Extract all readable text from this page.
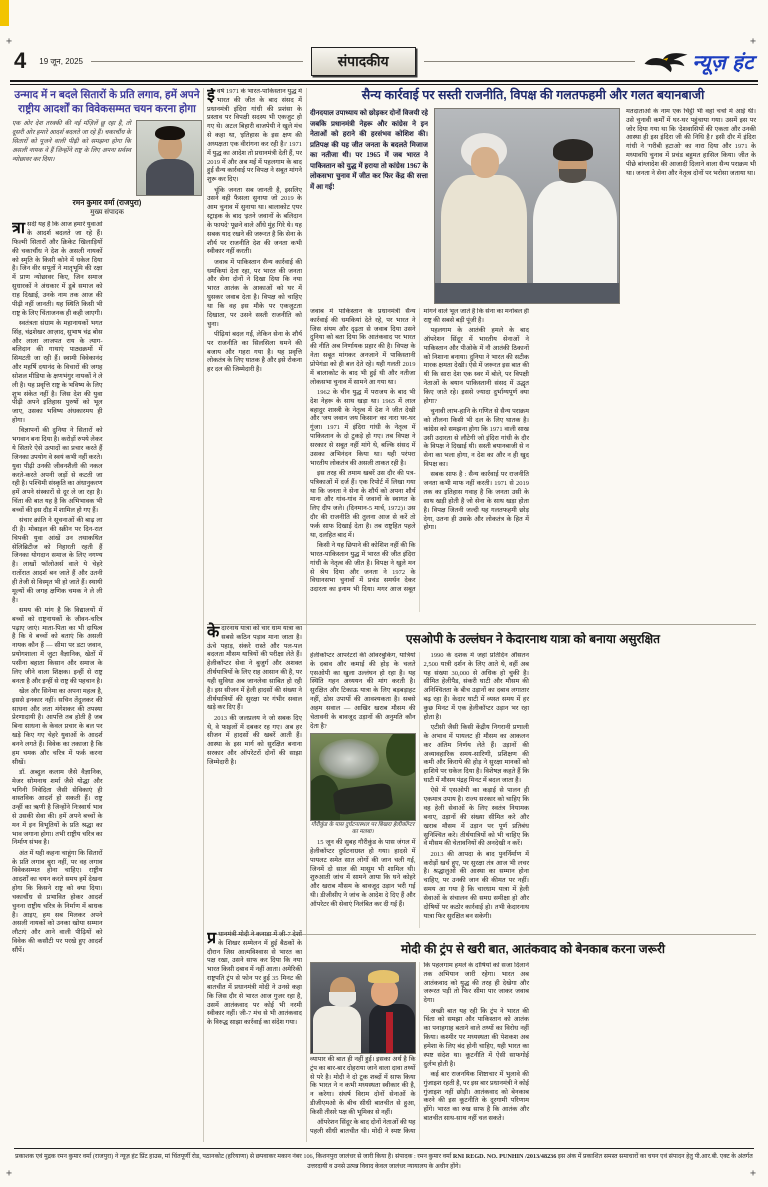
+	+
+	+
4 19 जून, 2025	संपादकीय	न्यूज़ हंट
उन्माद में न बदले सितारों के प्रति लगाव, हमें अपने राष्ट्रीय आदर्शों का विवेकसम्मत चयन करना होगा

एक ओर देश तरक्की की नई मंज़िलें छू रहा है, तो दूसरी ओर हमारे आदर्श बदलते जा रहे हैं। चकाचौंध के सितारों को पूजने वाली पीढ़ी को समझना होगा कि असली नायक वे हैं जिन्होंने राष्ट्र के लिए अपना सर्वस्व न्योछावर कर दिया।

रमन कुमार वर्मा (राजपुरा)
मुख्य संपादक

त्रा सदी यह है कि आज हमारे युवाओं के आदर्श बदलते जा रहे हैं। फिल्मी सितारों और क्रिकेट खिलाड़ियों की चकाचौंध ने देश के असली नायकों को स्मृति के किसी कोने में धकेल दिया है। जिन वीर सपूतों ने मातृभूमि की रक्षा में प्राण न्योछावर किए, जिन समाज सुधारकों ने अंधकार में डूबे समाज को राह दिखाई, उनके नाम तक आज की पीढ़ी नहीं जानती। यह स्थिति किसी भी राष्ट्र के लिए चिंताजनक ही कही जाएगी।

स्वतंत्रता संग्राम के महानायकों भगत सिंह, चंद्रशेखर आज़ाद, सुभाष चंद्र बोस और लाला लाजपत राय के त्याग-बलिदान की गाथाएं पाठ्यक्रमों में सिमटती जा रही हैं। स्वामी विवेकानंद और महर्षि दयानंद के विचारों की जगह सोशल मीडिया के क्षणभंगुर नायकों ने ले ली है। यह प्रवृत्ति राष्ट्र के भविष्य के लिए शुभ संकेत नहीं है। जिस देश की युवा पीढ़ी अपने इतिहास पुरुषों को भूल जाए, उसका भविष्य अंधकारमय ही होगा।

विज्ञापनों की दुनिया ने सितारों को भगवान बना दिया है। करोड़ों रुपये लेकर ये सितारे ऐसे उत्पादों का प्रचार करते हैं जिनका उपयोग वे स्वयं कभी नहीं करते। युवा पीढ़ी उनकी जीवनशैली की नकल करते-करते अपनी जड़ों से कटती जा रही है। पश्चिमी संस्कृति का अंधानुकरण हमें अपने संस्कारों से दूर ले जा रहा है। चिंता की बात यह है कि अभिभावक भी बच्चों की इस दौड़ में शामिल हो गए हैं।

संचार क्रांति ने सूचनाओं की बाढ़ ला दी है। मोबाइल की स्क्रीन पर दिन-रात चिपकी युवा आंखें उन तथाकथित सेलिब्रिटीज को निहारती रहती हैं जिनका योगदान समाज के लिए नगण्य है। लाखों फॉलोअर्स वाले ये चेहरे रातोंरात आदर्श बन जाते हैं और उतनी ही तेजी से विस्मृत भी हो जाते हैं। स्थायी मूल्यों की जगह क्षणिक चमक ने ले ली है।

समय की मांग है कि विद्यालयों में बच्चों को राष्ट्रनायकों के जीवन-चरित्र पढ़ाए जाएं। माता-पिता का भी दायित्व है कि वे बच्चों को बताएं कि असली नायक कौन हैं — सीमा पर डटा जवान, प्रयोगशाला में जुटा वैज्ञानिक, खेतों में पसीना बहाता किसान और समाज के लिए जीने वाला शिक्षक। इन्हीं से राष्ट्र बनता है और इन्हीं से राष्ट्र की पहचान है।

खेल और सिनेमा का अपना महत्व है, इससे इनकार नहीं। सचिन तेंदुलकर की साधना और लता मंगेशकर की तपस्या प्रेरणादायी है। आपत्ति तब होती है जब बिना साधना के केवल प्रचार के बल पर खड़े किए गए चेहरे युवाओं के आदर्श बनने लगते हैं। विवेक का तकाजा है कि हम चमक और चरित्र में फर्क करना सीखें।

डॉ. अब्दुल कलाम जैसे वैज्ञानिक, मेजर सोमनाथ शर्मा जैसे योद्धा और भगिनी निवेदिता जैसी सेविकाएं ही वास्तविक आदर्श हो सकती हैं। राष्ट्र उन्हीं का ऋणी है जिन्होंने निःस्वार्थ भाव से उसकी सेवा की। हमें अपने बच्चों के मन में इन विभूतियों के प्रति श्रद्धा का भाव जगाना होगा। तभी राष्ट्रीय चरित्र का निर्माण संभव है।

अंत में यही कहना चाहूंगा कि सितारों के प्रति लगाव बुरा नहीं, पर वह लगाव विवेकसम्मत होना चाहिए। राष्ट्रीय आदर्शों का चयन करते समय हमें देखना होगा कि किसने राष्ट्र को क्या दिया। चकाचौंध से प्रभावित होकर आदर्श चुनना राष्ट्रीय चरित्र के निर्माण में बाधक है। आइए, हम सब मिलकर अपने असली नायकों को उनका खोया सम्मान लौटाएं और आने वाली पीढ़ियों को विवेक की कसौटी पर परखे हुए आदर्श सौंपें।

ईवर्ष 1971 के भारत-पाकिस्तान युद्ध में भारत की जीत के बाद संसद में प्रधानमंत्री इंदिरा गांधी की प्रशंसा के प्रस्ताव पर विपक्षी सदस्य भी एकजुट हो गए थे। अटल बिहारी वाजपेयी ने खुले मंच से कहा था, 'इतिहास के इस क्षण की अध्यक्षता एक वीरांगना कर रही है।' 1971 में युद्ध का आदेश तो प्रधानमंत्री देती हैं, पर 2019 में और अब मई में पहलगाम के बाद हुई सैन्य कार्रवाई पर विपक्ष ने सबूत मांगने शुरू कर दिए।

चूंकि जनता सब जानती है, इसलिए उसने वही फैसला सुनाया जो 2019 के आम चुनाव में सुनाया था। बालाकोट एयर स्ट्राइक के बाद 'इतने जवानों के बलिदान के फायदे' पूछने वाले औंधे मुंह गिरे थे। यह सबक याद रखने की जरूरत है कि सेना के शौर्य पर राजनीति देश की जनता कभी स्वीकार नहीं करती।

जवाब में पाकिस्तान सैन्य कार्रवाई की धमकियां देता रहा, पर भारत की जनता और सेना दोनों ने दिखा दिया कि नया भारत आतंक के आकाओं को घर में घुसकर जवाब देता है। विपक्ष को चाहिए था कि वह इस मौके पर एकजुटता दिखाता, पर उसने सस्ती राजनीति को चुना।

पीढ़ियां बदल गईं, लेकिन सेना के शौर्य पर राजनीति का सिलसिला थमने की बजाय और गहरा गया है। यह प्रवृत्ति लोकतंत्र के लिए घातक है और इसे रोकना हर दल की जिम्मेदारी है।

केदारनाथ यात्रा को चार धाम यात्रा का सबसे कठिन पड़ाव माना जाता है। ऊंचे पहाड़, संकरे रास्ते और पल-पल बदलता मौसम यात्रियों की परीक्षा लेते हैं। हेलीकॉप्टर सेवा ने बुजुर्ग और अशक्त तीर्थयात्रियों के लिए राह आसान की है, पर यही सुविधा अब जानलेवा साबित हो रही है। इस सीजन में हेली हादसों की संख्या ने तीर्थयात्रियों की सुरक्षा पर गंभीर सवाल खड़े कर दिए हैं।

2013 की जलप्रलय ने जो सबक दिए थे, वे फाइलों में दबकर रह गए। अब हर सीजन में हादसों की खबरें आती हैं। आस्था के इस मार्ग को सुरक्षित बनाना सरकार और ऑपरेटरों दोनों की साझा जिम्मेदारी है।

प्र धानमंत्री मोदी ने कनाडा में जी-7 देशों के शिखर सम्मेलन में हुई बैठकों के दौरान जिस आत्मविश्वास से भारत का पक्ष रखा, उसने साफ कर दिया कि नया भारत किसी दबाव में नहीं आता। अमेरिकी राष्ट्रपति ट्रंप से फोन पर हुई 35 मिनट की बातचीत में प्रधानमंत्री मोदी ने उनसे कहा कि जिस दौर से भारत आज गुजर रहा है, उसमें आतंकवाद पर कोई भी नरमी स्वीकार नहीं। जी-7 मंच से भी आतंकवाद के विरुद्ध साझा कार्रवाई का संदेश गया।

सैन्य कार्रवाई पर सस्ती राजनीति, विपक्ष की गलतफहमी और गलत बयानबाजी

दीनदयाल उपाध्याय को छोड़कर दोनों विजयी रहे जबकि प्रधानमंत्री नेहरू और कांग्रेस ने इन नेताओं को हराने की हरसंभव कोशिश की। प्रतिपक्ष की यह जीत जनता के बदलते मिजाज का नतीजा थी। पर 1965 में जब भारत ने पाकिस्तान को युद्ध में हराया तो कांग्रेस 1967 के लोकसभा चुनाव में जीत कर फिर केंद्र की सत्ता में आ गई!

मतदाताओं के नाम एक चिट्ठी भी वहां चर्चा में आई थी। उसे चुनावी कर्मों में घर-घर पहुंचाया गया। उसमें इस पर जोर दिया गया था कि 'देशवासियों की एकता और उनकी आस्था ही इस इंदिरा जी की निधि है।' इसी दौर में इंदिरा गांधी ने 'गरीबी हटाओ' का नारा दिया और 1971 के मध्यावधि चुनाव में प्रचंड बहुमत हासिल किया। जीत के पीछे बांग्लादेश की आजादी दिलाने वाला सैन्य पराक्रम भी था। जनता ने सेना और नेतृत्व दोनों पर भरोसा जताया था।

जवाब में पाकिस्तान के प्रधानमंत्री सैन्य कार्रवाई की धमकियां देते रहे, पर भारत ने जिस संयम और दृढ़ता से जवाब दिया उसने दुनिया को बता दिया कि आतंकवाद पर भारत की नीति अब निर्णायक प्रहार की है। विपक्ष के नेता सबूत मांगकर अनजाने में पाकिस्तानी प्रोपेगंडा को ही बल देते रहे। यही गलती 2019 में बालाकोट के बाद भी हुई थी और नतीजा लोकसभा चुनाव में सामने आ गया था।

1962 के चीन युद्ध में पराजय के बाद भी देश नेहरू के साथ खड़ा था। 1965 में लाल बहादुर शास्त्री के नेतृत्व में देश ने जीत देखी और 'जय जवान जय किसान' का नारा घर-घर गूंजा। 1971 में इंदिरा गांधी के नेतृत्व में पाकिस्तान के दो टुकड़े हो गए। तब विपक्ष ने सरकार से सबूत नहीं मांगे थे, बल्कि संसद में उसका अभिनंदन किया था। यही परंपरा भारतीय लोकतंत्र की असली ताकत रही है।

इस तरह की तमाम खबरें उस दौर की पत्र-पत्रिकाओं में दर्ज हैं। एक रिपोर्ट में लिखा गया था कि जनता ने सेना के शौर्य को अपना शौर्य माना और गांव-गांव में जवानों के स्वागत के लिए दीप जले। (दिनमान-5 मार्च, 1972)। उस दौर की राजनीति की तुलना आज से करें तो फर्क साफ दिखाई देता है। तब राष्ट्रहित पहले था, दलहित बाद में।

किसी ने यह छिपाने की कोशिश नहीं की कि भारत-पाकिस्तान युद्ध में भारत की जीत इंदिरा गांधी के नेतृत्व की जीत है। विपक्ष ने खुले मन से श्रेय दिया और जनता ने 1972 के विधानसभा चुनावों में प्रचंड समर्थन देकर उदारता का इनाम भी दिया। मगर आज सबूत मांगने वाले भूल जाते हैं कि सेना का मनोबल ही राष्ट्र की सबसे बड़ी पूंजी है।

पहलगाम के आतंकी हमले के बाद ऑपरेशन सिंदूर में भारतीय सेनाओं ने पाकिस्तान और पीओके में नौ आतंकी ठिकानों को निशाना बनाया। दुनिया ने भारत की सटीक मारक क्षमता देखी। ऐसे में जरूरत इस बात की थी कि सारा देश एक स्वर में बोले, पर विपक्षी नेताओं के बयान पाकिस्तानी संसद में उद्धृत किए जाते रहे। इससे ज्यादा दुर्भाग्यपूर्ण क्या होगा?

चुनावी लाभ-हानि के गणित से सैन्य पराक्रम को तौलना किसी भी दल के लिए घातक है। कांग्रेस को समझना होगा कि 1971 वाली साख उसी उदारता से लौटेगी जो इंदिरा गांधी के दौर के विपक्ष ने दिखाई थी। सस्ती बयानबाजी से न सेना का भला होगा, न देश का और न ही खुद विपक्ष का।

सबक साफ है : सैन्य कार्रवाई पर राजनीति जनता कभी माफ नहीं करती। 1971 से 2019 तक का इतिहास गवाह है कि जनता उसी के साथ खड़ी होती है जो सेना के साथ खड़ा होता है। विपक्ष जितनी जल्दी यह गलतफहमी छोड़ देगा, उतना ही उसके और लोकतंत्र के हित में होगा।

एसओपी के उल्लंघन ने केदारनाथ यात्रा को बनाया असुरक्षित

हेलीकॉप्टर आपरेटरों की ओवरबुकिंग, यात्रियों के दबाव और कमाई की होड़ के चलते एसओपी का खुला उल्लंघन हो रहा है। यह स्थिति गहन अध्ययन की मांग करती है। सुरक्षित और टिकाऊ यात्रा के लिए बड़बड़ाहट नहीं, ठोस उपायों की आवश्यकता है। सबसे अहम सवाल — आखिर खराब मौसम की चेतावनी के बावजूद उड़ानों की अनुमति कौन देता है?

गौरीकुंड के पास दुर्घटनास्थल पर बिखरा हेलीकॉप्टर का मलबा।

15 जून की सुबह गौरीकुंड के पास जंगल में हेलीकॉप्टर दुर्घटनाग्रस्त हो गया। हादसे में पायलट समेत सात लोगों की जान चली गई, जिनमें दो साल की मासूम भी शामिल थी। शुरुआती जांच में सामने आया कि घने कोहरे और खराब मौसम के बावजूद उड़ान भरी गई थी। डीजीसीए ने जांच के आदेश दे दिए हैं और ऑपरेटर की सेवाएं निलंबित कर दी गई हैं।

1990 के दशक में जहां प्रतिदिन औसतन 2,500 यात्री दर्शन के लिए आते थे, वहीं अब यह संख्या 30,000 से अधिक हो चुकी है। सीमित हेलीपैड, संकरी घाटी और मौसम की अनिश्चितता के बीच उड़ानों का दबाव लगातार बढ़ रहा है। केदार घाटी में व्यस्त समय में हर कुछ मिनट में एक हेलीकॉप्टर उड़ान भर रहा होता है।

एटीसी जैसी किसी केंद्रीय निगरानी प्रणाली के अभाव में पायलट ही मौसम का आकलन कर अंतिम निर्णय लेते हैं। उड़ानों की अव्यावहारिक समय-सारिणी, प्रशिक्षण की कमी और किराये की होड़ ने सुरक्षा मानकों को हाशिये पर धकेल दिया है। विशेषज्ञ कहते हैं कि घाटी में मौसम पंद्रह मिनट में बदल जाता है।

ऐसे में एसओपी का कड़ाई से पालन ही एकमात्र उपाय है। राज्य सरकार को चाहिए कि वह हेली सेवाओं के लिए स्वतंत्र नियामक बनाए, उड़ानों की संख्या सीमित करे और खराब मौसम में उड़ान पर पूर्ण प्रतिबंध सुनिश्चित करे। तीर्थयात्रियों को भी चाहिए कि वे मौसम की चेतावनियों की अनदेखी न करें।

2013 की आपदा के बाद पुनर्निर्माण में करोड़ों खर्च हुए, पर सुरक्षा तंत्र आज भी लचर है। श्रद्धालुओं की आस्था का सम्मान होना चाहिए, पर उनकी जान की कीमत पर नहीं। समय आ गया है कि चारधाम यात्रा में हेली सेवाओं के संचालन की समग्र समीक्षा हो और दोषियों पर कठोर कार्रवाई हो। तभी केदारनाथ यात्रा फिर सुरक्षित बन सकेगी।

मोदी की ट्रंप से खरी बात, आतंकवाद को बेनकाब करना जरूरी

व्यापार की बात ही नहीं हुई। इसका अर्थ है कि ट्रंप का बार-बार दोहराया जाने वाला दावा तथ्यों से परे है। मोदी ने दो टूक शब्दों में साफ किया कि भारत ने न कभी मध्यस्थता स्वीकार की है, न करेगा। संघर्ष विराम दोनों सेनाओं के डीजीएमओ के बीच सीधी बातचीत से हुआ, किसी तीसरे पक्ष की भूमिका से नहीं।

ऑपरेशन सिंदूर के बाद दोनों नेताओं की यह पहली सीधी बातचीत थी। मोदी ने स्पष्ट किया कि पहलगाम हमले के दोषियों को सजा दिलाने तक अभियान जारी रहेगा। भारत अब आतंकवाद को युद्ध की तरह ही देखेगा और जरूरत पड़ी तो फिर सीमा पार जाकर जवाब देगा।

अच्छी बात यह रही कि ट्रंप ने भारत की चिंता को समझा और पाकिस्तान को आतंक का पनाहगाह बताने वाले तथ्यों का विरोध नहीं किया। कश्मीर पर मध्यस्थता की पेशकश अब हमेशा के लिए बंद होनी चाहिए, यही भारत का स्पष्ट संदेश था। कूटनीति में ऐसी साफगोई दुर्लभ होती है।

कई बार राजनयिक शिष्टाचार में भुलावे की गुंजाइश रहती है, पर इस बार प्रधानमंत्री ने कोई गुंजाइश नहीं छोड़ी। आतंकवाद को बेनकाब करने की इस कूटनीति के दूरगामी परिणाम होंगे। भारत का रुख साफ है कि आतंक और बातचीत साथ-साथ नहीं चल सकते।

प्रकाशक एवं मुद्रक रमन कुमार वर्मा (राजपुरा) ने न्यूज़ हंट प्रिंट हाउस, मां चिंतपूर्णी रोड, पठानकोट (हरियाणा) से छपवाकर मकान नंबर 106, किशनपुरा जालंधर से जारी किया है। संपादक : रमन कुमार वर्मा RNI REGD. NO. PUNHIN /2013/48236 इस अंक में प्रकाशित समस्त समाचारों का चयन एवं संपादन हेतु पी.आर.बी. एक्ट के अंतर्गत उत्तरदायी व उनसे उत्पन्न विवाद केवल जालंधर न्यायालय के अधीन होंगे।
